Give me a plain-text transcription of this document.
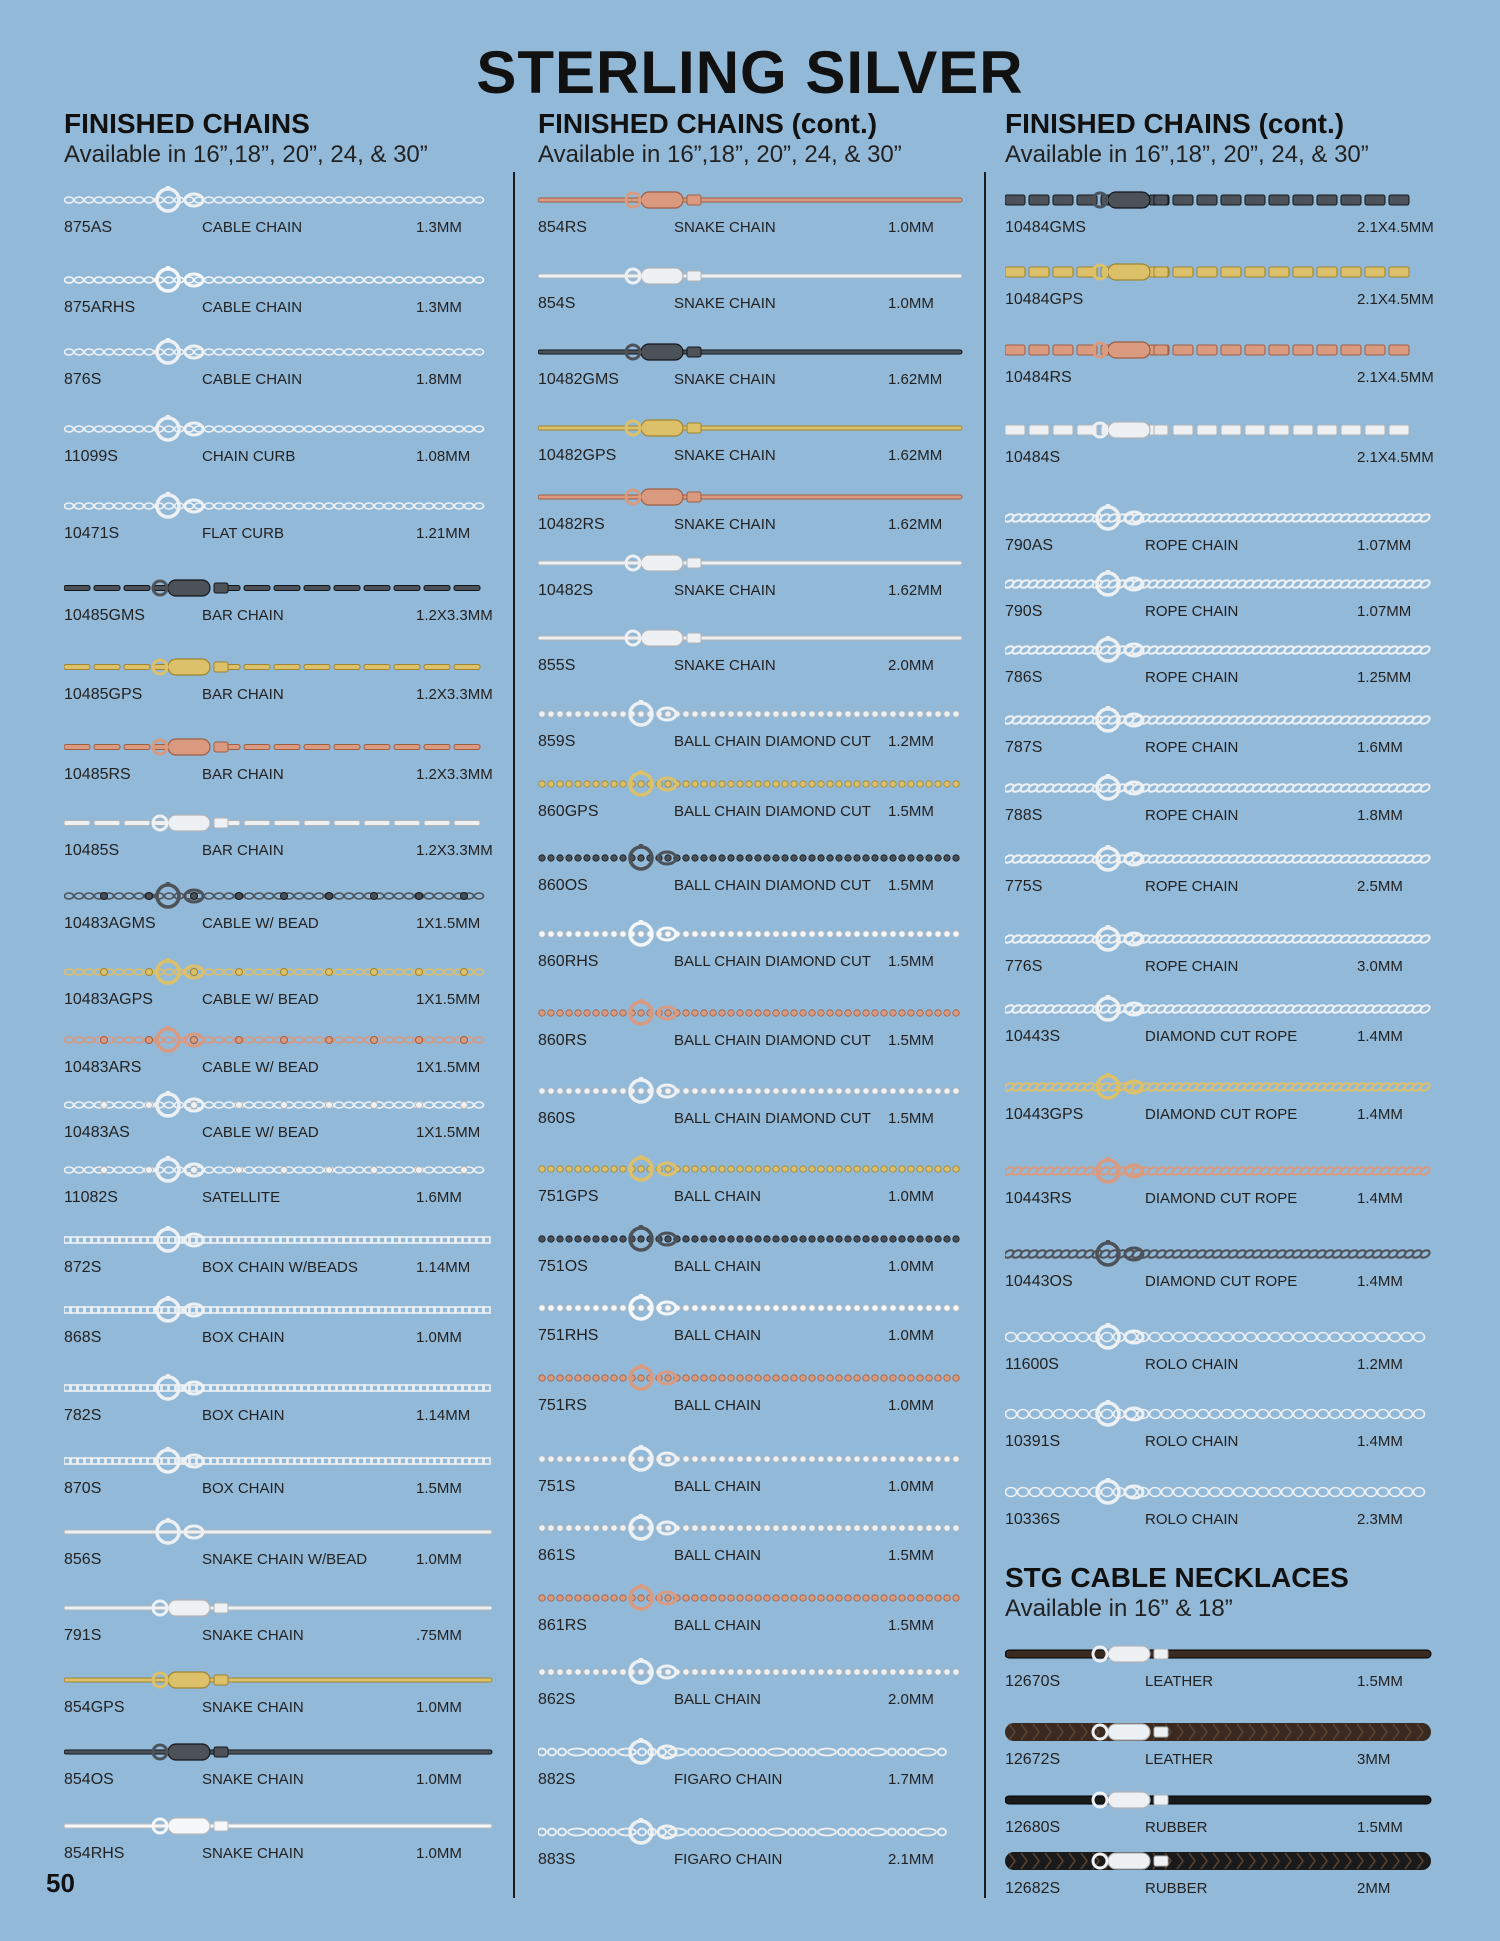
STERLING SILVER

FINISHED CHAINS

Available in 16”,18”, 20”, 24, & 30”

FINISHED CHAINS (cont.)

Available in 16”,18”, 20”, 24, & 30”

FINISHED CHAINS (cont.)

Available in 16”,18”, 20”, 24, & 30”

STG CABLE NECKLACES

Available in 16” & 18”

875AS	CABLE CHAIN	1.3MM
875ARHS	CABLE CHAIN	1.3MM
876S	CABLE CHAIN	1.8MM
11099S	CHAIN CURB	1.08MM
10471S	FLAT CURB	1.21MM
10485GMS	BAR CHAIN	1.2X3.3MM
10485GPS	BAR CHAIN	1.2X3.3MM
10485RS	BAR CHAIN	1.2X3.3MM
10485S	BAR CHAIN	1.2X3.3MM
10483AGMS	CABLE W/ BEAD	1X1.5MM
10483AGPS	CABLE W/ BEAD	1X1.5MM
10483ARS	CABLE W/ BEAD	1X1.5MM
10483AS	CABLE W/ BEAD	1X1.5MM
11082S	SATELLITE	1.6MM
872S	BOX CHAIN W/BEADS	1.14MM
868S	BOX CHAIN	1.0MM
782S	BOX CHAIN	1.14MM
870S	BOX CHAIN	1.5MM
856S	SNAKE CHAIN W/BEAD	1.0MM
791S	SNAKE CHAIN	.75MM
854GPS	SNAKE CHAIN	1.0MM
854OS	SNAKE CHAIN	1.0MM
854RHS	SNAKE CHAIN	1.0MM
854RS	SNAKE CHAIN	1.0MM
854S	SNAKE CHAIN	1.0MM
10482GMS	SNAKE CHAIN	1.62MM
10482GPS	SNAKE CHAIN	1.62MM
10482RS	SNAKE CHAIN	1.62MM
10482S	SNAKE CHAIN	1.62MM
855S	SNAKE CHAIN	2.0MM
859S	BALL CHAIN DIAMOND CUT 1.2MM
860GPS	BALL CHAIN DIAMOND CUT 1.5MM
860OS	BALL CHAIN DIAMOND CUT 1.5MM
860RHS	BALL CHAIN DIAMOND CUT 1.5MM
860RS	BALL CHAIN DIAMOND CUT 1.5MM
860S	BALL CHAIN DIAMOND CUT 1.5MM
751GPS	BALL CHAIN	1.0MM
751OS	BALL CHAIN	1.0MM
751RHS	BALL CHAIN	1.0MM
751RS	BALL CHAIN	1.0MM
751S	BALL CHAIN	1.0MM
861S	BALL CHAIN	1.5MM
861RS	BALL CHAIN	1.5MM
862S	BALL CHAIN	2.0MM
882S	FIGARO CHAIN	1.7MM
883S	FIGARO CHAIN	2.1MM
10484GMS	2.1X4.5MM
10484GPS	2.1X4.5MM
10484RS	2.1X4.5MM
10484S	2.1X4.5MM
790AS	ROPE CHAIN	1.07MM
790S	ROPE CHAIN	1.07MM
786S	ROPE CHAIN	1.25MM
787S	ROPE CHAIN	1.6MM
788S	ROPE CHAIN	1.8MM
775S	ROPE CHAIN	2.5MM
776S	ROPE CHAIN	3.0MM
10443S	DIAMOND CUT ROPE	1.4MM
10443GPS	DIAMOND CUT ROPE	1.4MM
10443RS	DIAMOND CUT ROPE	1.4MM
10443OS	DIAMOND CUT ROPE	1.4MM
11600S	ROLO CHAIN	1.2MM
10391S	ROLO CHAIN	1.4MM
10336S	ROLO CHAIN	2.3MM
12670S	LEATHER	1.5MM
12672S	LEATHER	3MM
12680S	RUBBER	1.5MM
12682S	RUBBER	2MM
50
